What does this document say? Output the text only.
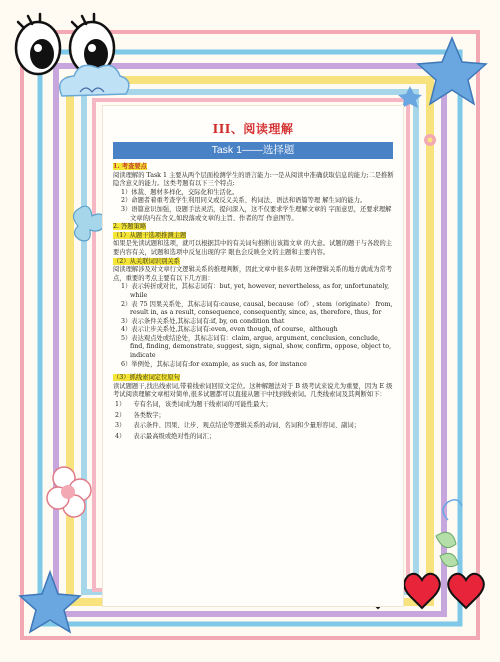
III、阅读理解
Task 1——选择题

1. 考查要点

阅读理解的 Task 1 主要从两个层面检测学生的语言能力:一是从阅读中准确获取信息的能力;二是推断隐含意义的能力。这类考题有以下三个特点:

1）体裁、题材多样化，交际化和生活化。

2）命题者着重考查学生利用同义或反义关系、构词法、语法和语篇等理 解生词的能力。

3）语篇意识加强，设题手法灵活，提问深入，这不仅要求学生理解文章的 字面意思，还要求理解文章的内在含义,如段落或文章的主旨、作者的写 作意图等。

2. 答题策略

（1）从题干选项推测主题

如果是先读试题和选项，就可以根据其中的有关词句推断出该篇文章 的大意。试题的题干与各段的主要内容有关，试题和选项中反复出现的字 眼也会反映全文的主题和主要内容。

（2）从关联词识别关系

阅读理解涉及对文章行文逻辑关系的推理判断，因此文章中很多表明 这种逻辑关系的地方就成为常考点，重要的考点主要有以下几方面：

1）表示转折或对比，其标志词有：but, yet, however, nevertheless, as for, unfortunately, while

2）表 75 因果关系处，其标志词有:cause, causal, because（of）, stem（originate） from, result in, as a result, consequence, consequently, since, as, therefore, thus, for

3）表示条件关系处,其标志词有:if, by, on condition that

4）表示让步关系处,其标志词有:even, even though, of course，although

5）表达观点处或结论处，其标志词有：claim, argue, argument, conclusion, conclude, find, finding, demonstrate, suggest, sign, signal, show, confirm, oppose, object to, indicate

6）举例处，其标志词有:for example, as such as, for instance

（3）抓线索词定位原句

读试题题干,找出线索词,带着线索词回原文定位。这种解题法对于 B 级考试来说尤为重要，因为 E 级考试阅读理解文章相对简单,很多试题都可以直接从题干中找到线索词。几类线索词及其判断如下：

1） 专有名词，该类词成为题干线索词的可能性最大；

2） 各类数字；

3） 表示条件、因果、让步、观点结论等逻辑关系的动词、名词和少量形容词、副词；

4） 表示最高级或绝对性的词汇；
